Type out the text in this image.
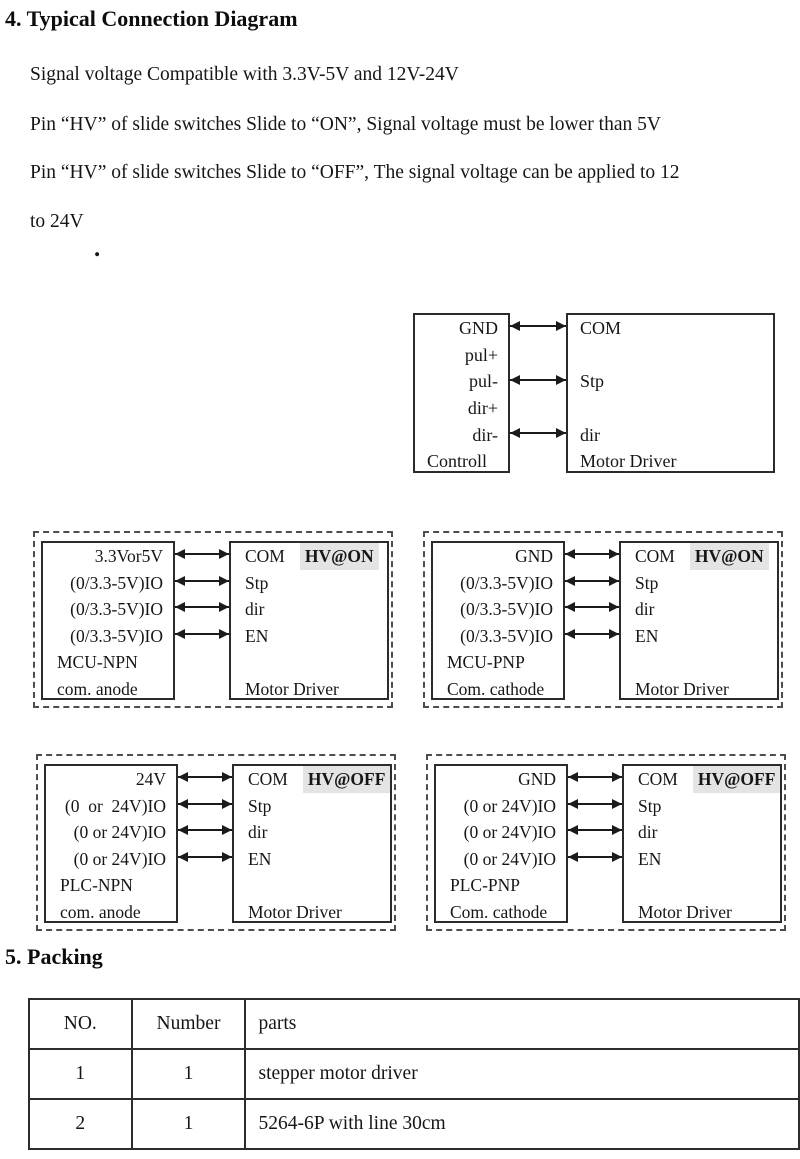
4. Typical Connection Diagram

Signal voltage Compatible with 3.3V-5V and 12V-24V

Pin “HV” of slide switches Slide to “ON”, Signal voltage must be lower than 5V

Pin “HV” of slide switches Slide to “OFF”, The signal voltage can be applied to 12

to 24V

.
GND
pul+
pul-
dir+
dir-
Controll
COM
Stp
dir
Motor Driver
3.3Vor5V
(0/3.3-5V)IO
(0/3.3-5V)IO
(0/3.3-5V)IO
MCU-NPN
com. anode
COM HV@ON
Stp
dir
EN
Motor Driver
GND
(0/3.3-5V)IO
(0/3.3-5V)IO
(0/3.3-5V)IO
MCU-PNP
Com. cathode
COM HV@ON
Stp
dir
EN
Motor Driver
24V
(0  or  24V)IO
(0 or 24V)IO
(0 or 24V)IO
PLC-NPN
com. anode
COM HV@OFF
Stp
dir
EN
Motor Driver
GND
(0 or 24V)IO
(0 or 24V)IO
(0 or 24V)IO
PLC-PNP
Com. cathode
COM HV@OFF
Stp
dir
EN
Motor Driver
5. Packing
NO.	Number	parts
1	1	stepper motor driver
2	1	5264-6P with line 30cm
